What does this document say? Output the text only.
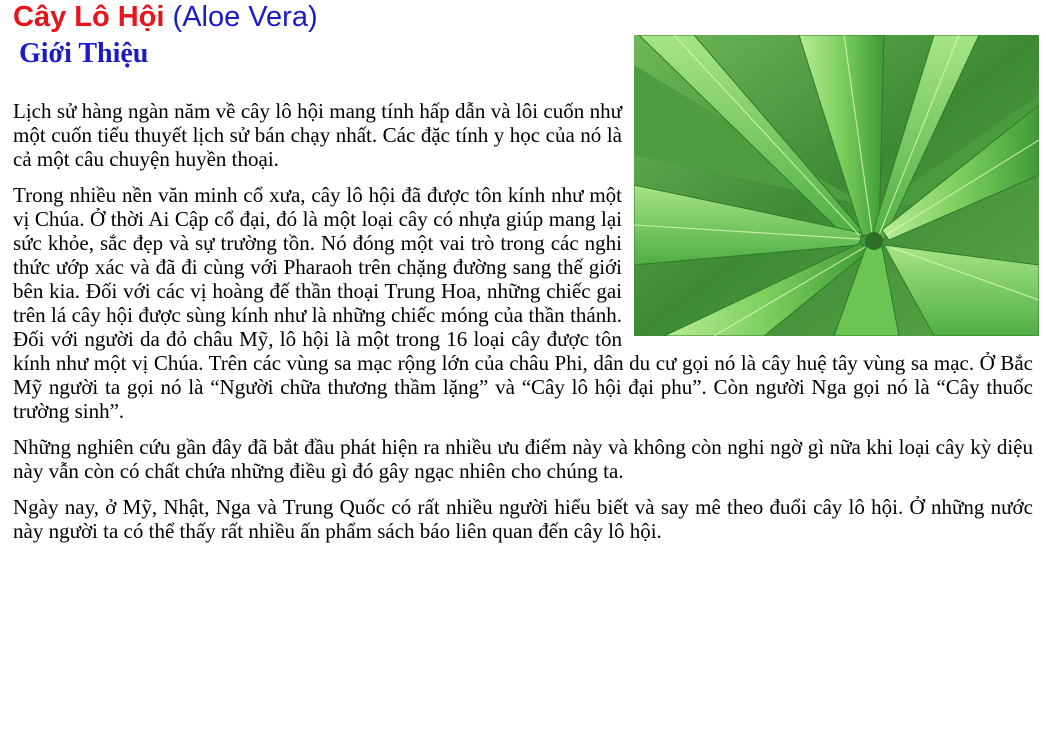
Cây Lô Hội (Aloe Vera)
Giới Thiệu

Lịch sử hàng ngàn năm về cây lô hội mang tính hấp dẫn và lôi cuốn như một cuốn tiểu thuyết lịch sử bán chạy nhất. Các đặc tính y học của nó là cả một câu chuyện huyền thoại.

Trong nhiều nền văn minh cổ xưa, cây lô hội đã được tôn kính như một vị Chúa. Ở thời Ai Cập cổ đại, đó là một loại cây có nhựa giúp mang lại sức khỏe, sắc đẹp và sự trường tồn. Nó đóng một vai trò trong các nghi thức ướp xác và đã đi cùng với Pharaoh trên chặng đường sang thế giới bên kia. Đối với các vị hoàng đế thần thoại Trung Hoa, những chiếc gai trên lá cây hội được sùng kính như là những chiếc móng của thần thánh. Đối với người da đỏ châu Mỹ, lô hội là một trong 16 loại cây được tôn kính như một vị Chúa. Trên các vùng sa mạc rộng lớn của châu Phi, dân du cư gọi nó là cây huệ tây vùng sa mạc. Ở Bắc Mỹ người ta gọi nó là “Người chữa thương thầm lặng” và “Cây lô hội đại phu”. Còn người Nga gọi nó là “Cây thuốc trường sinh”.

Những nghiên cứu gần đây đã bắt đầu phát hiện ra nhiều ưu điểm này và không còn nghi ngờ gì nữa khi loại cây kỳ diệu này vẫn còn có chất chứa những điều gì đó gây ngạc nhiên cho chúng ta.

Ngày nay, ở Mỹ, Nhật, Nga và Trung Quốc có rất nhiều người hiểu biết và say mê theo đuổi cây lô hội. Ở những nước này người ta có thể thấy rất nhiều ấn phẩm sách báo liên quan đến cây lô hội.
